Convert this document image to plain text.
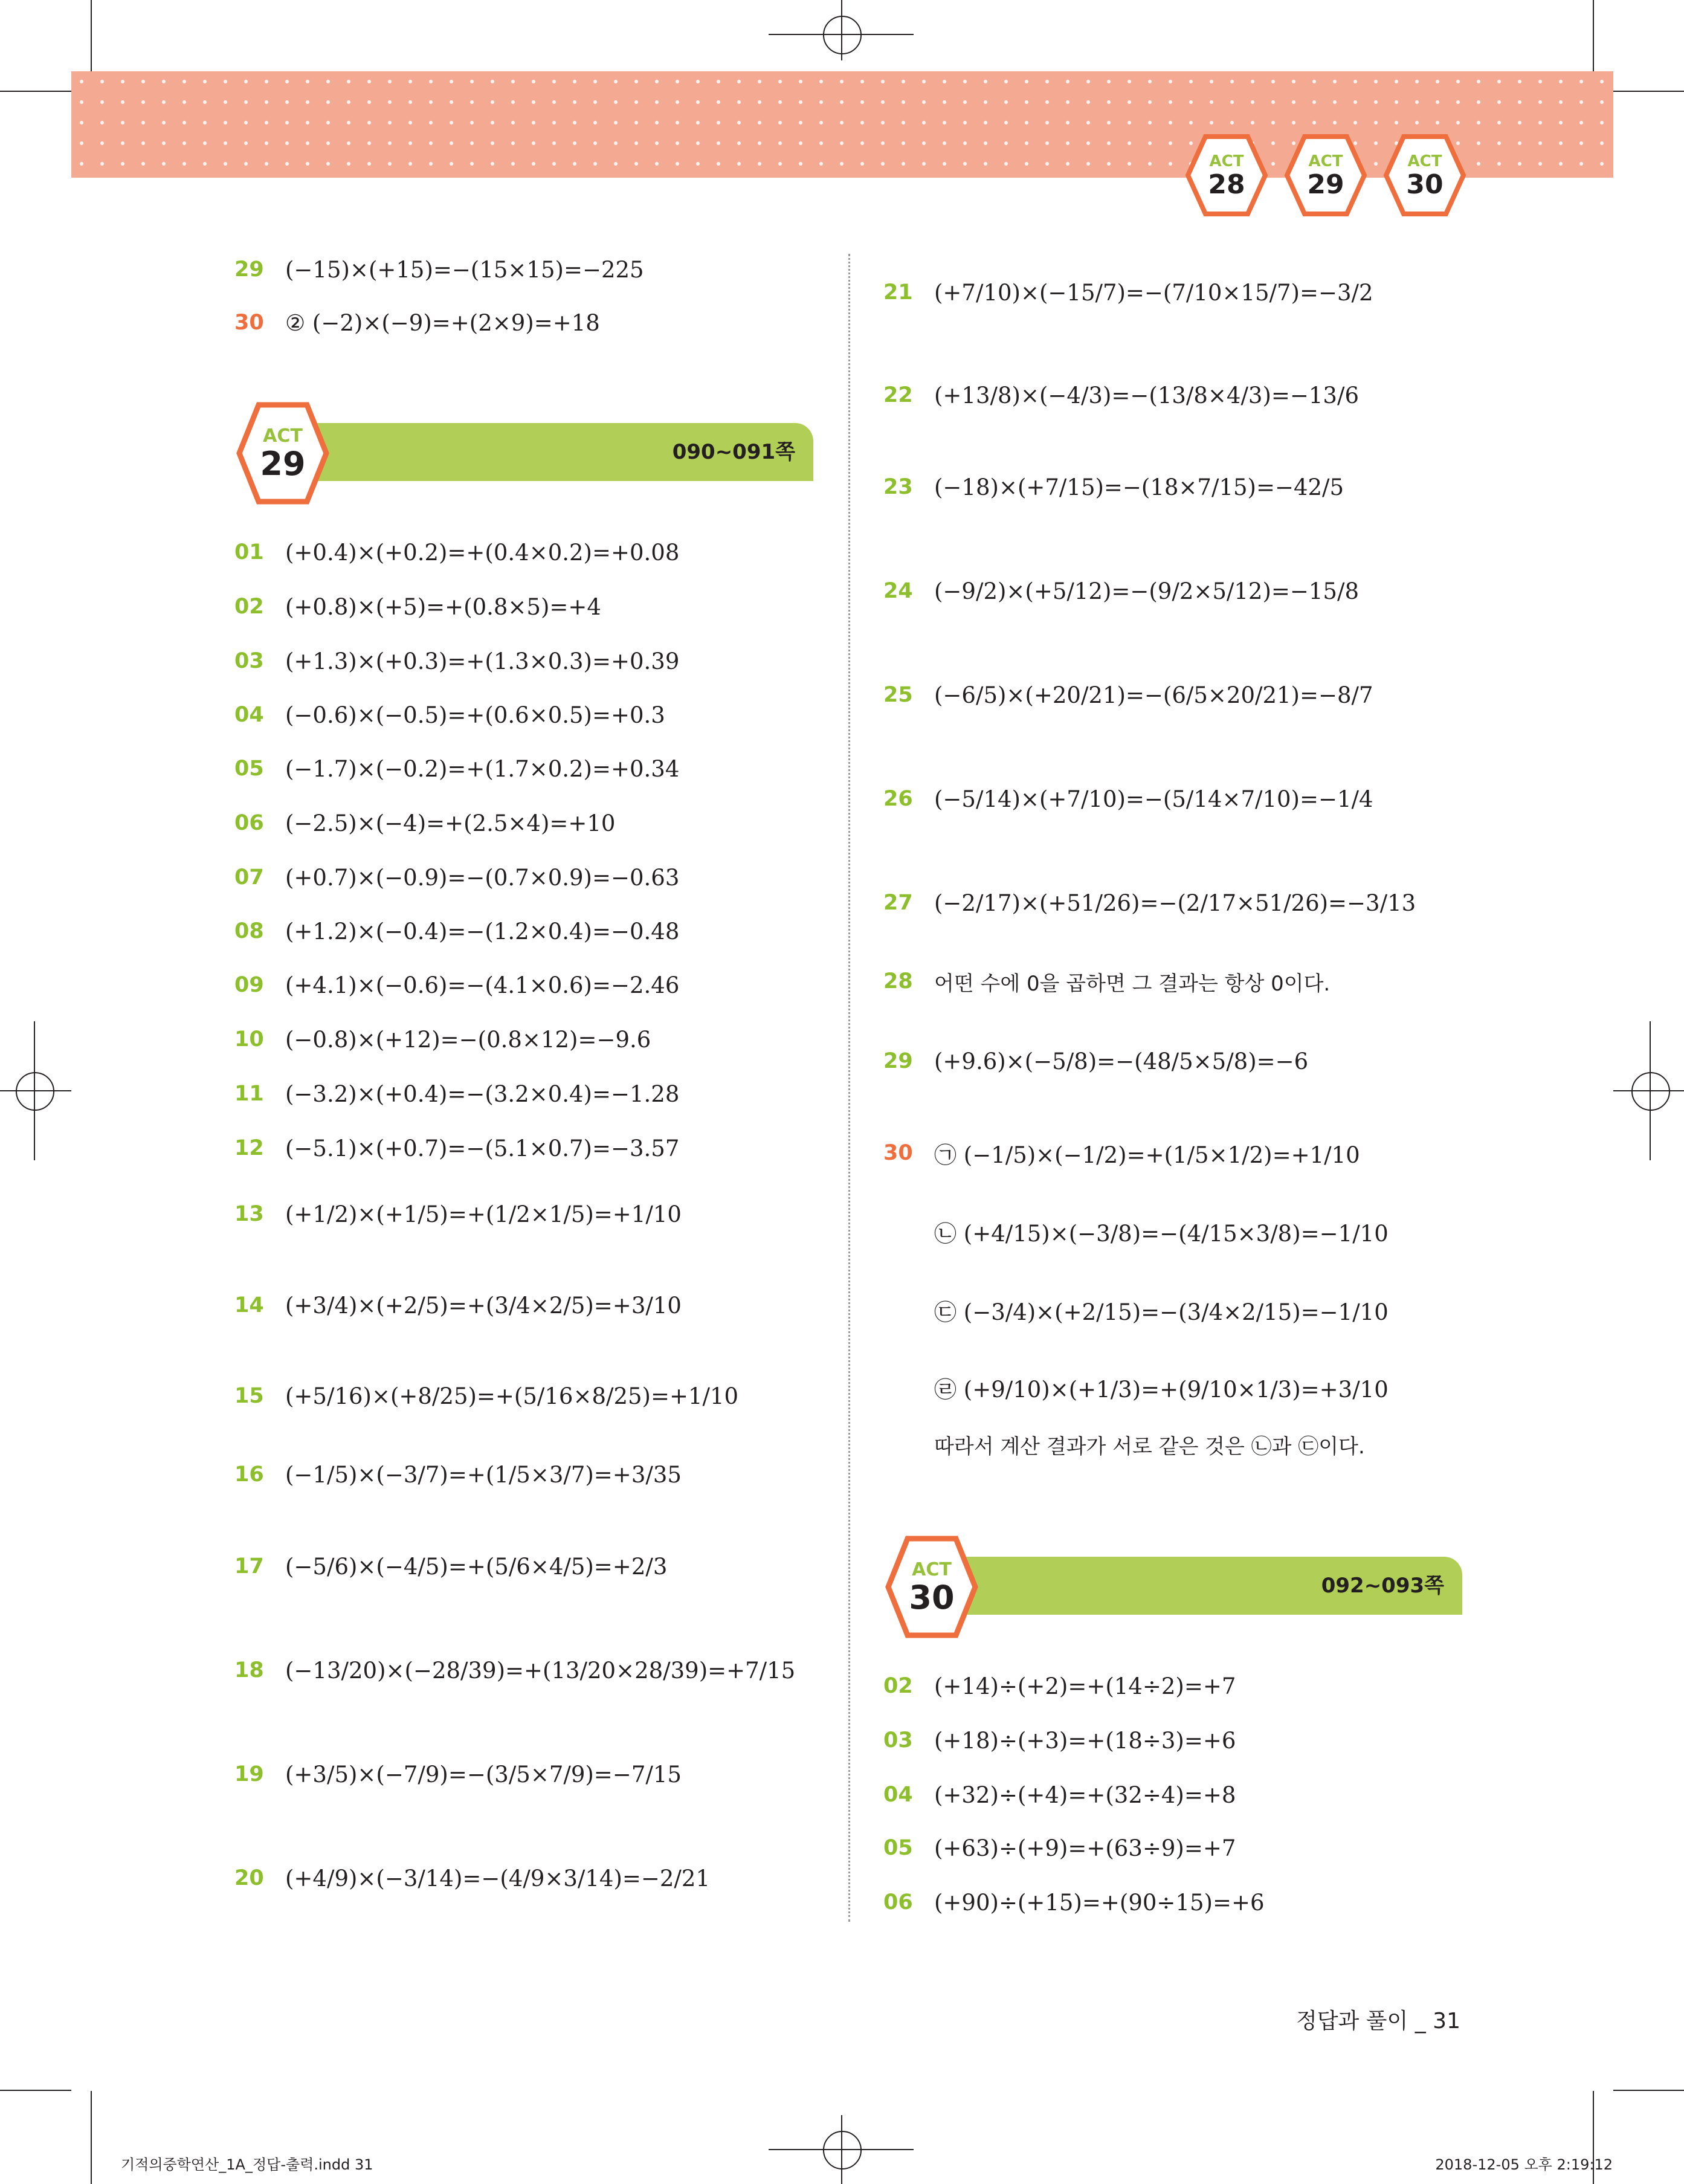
ACT
28
ACT
29
ACT
30
29 (−15)×(+15)=−(15×15)=−225
30 ② (−2)×(−9)=+(2×9)=+18
090~091쪽
ACT
29
01 (+0.4)×(+0.2)=+(0.4×0.2)=+0.08
02 (+0.8)×(+5)=+(0.8×5)=+4
03 (+1.3)×(+0.3)=+(1.3×0.3)=+0.39
04 (−0.6)×(−0.5)=+(0.6×0.5)=+0.3
05 (−1.7)×(−0.2)=+(1.7×0.2)=+0.34
06 (−2.5)×(−4)=+(2.5×4)=+10
07 (+0.7)×(−0.9)=−(0.7×0.9)=−0.63
08 (+1.2)×(−0.4)=−(1.2×0.4)=−0.48
09 (+4.1)×(−0.6)=−(4.1×0.6)=−2.46
10 (−0.8)×(+12)=−(0.8×12)=−9.6
11 (−3.2)×(+0.4)=−(3.2×0.4)=−1.28
12 (−5.1)×(+0.7)=−(5.1×0.7)=−3.57
13 (+1/2)×(+1/5)=+(1/2×1/5)=+1/10
14 (+3/4)×(+2/5)=+(3/4×2/5)=+3/10
15 (+5/16)×(+8/25)=+(5/16×8/25)=+1/10
16 (−1/5)×(−3/7)=+(1/5×3/7)=+3/35
17 (−5/6)×(−4/5)=+(5/6×4/5)=+2/3
18 (−13/20)×(−28/39)=+(13/20×28/39)=+7/15
19 (+3/5)×(−7/9)=−(3/5×7/9)=−7/15
20 (+4/9)×(−3/14)=−(4/9×3/14)=−2/21
21 (+7/10)×(−15/7)=−(7/10×15/7)=−3/2
22 (+13/8)×(−4/3)=−(13/8×4/3)=−13/6
23 (−18)×(+7/15)=−(18×7/15)=−42/5
24 (−9/2)×(+5/12)=−(9/2×5/12)=−15/8
25 (−6/5)×(+20/21)=−(6/5×20/21)=−8/7
26 (−5/14)×(+7/10)=−(5/14×7/10)=−1/4
27 (−2/17)×(+51/26)=−(2/17×51/26)=−3/13
28	어떤 수에 0을 곱하면 그 결과는 항상 0이다.
29 (+9.6)×(−5/8)=−(48/5×5/8)=−6
30 ㉠ (−1/5)×(−1/2)=+(1/5×1/2)=+1/10
㉡ (+4/15)×(−3/8)=−(4/15×3/8)=−1/10
㉢ (−3/4)×(+2/15)=−(3/4×2/15)=−1/10
㉣ (+9/10)×(+1/3)=+(9/10×1/3)=+3/10
따라서 계산 결과가 서로 같은 것은 ㉡과 ㉢이다.
092~093쪽
ACT
30
02 (+14)÷(+2)=+(14÷2)=+7
03 (+18)÷(+3)=+(18÷3)=+6
04 (+32)÷(+4)=+(32÷4)=+8
05 (+63)÷(+9)=+(63÷9)=+7
06 (+90)÷(+15)=+(90÷15)=+6
정답과 풀이 _ 31
기적의중학연산_1A_정답-출력.indd 31	2018-12-05 오후 2:19:12
